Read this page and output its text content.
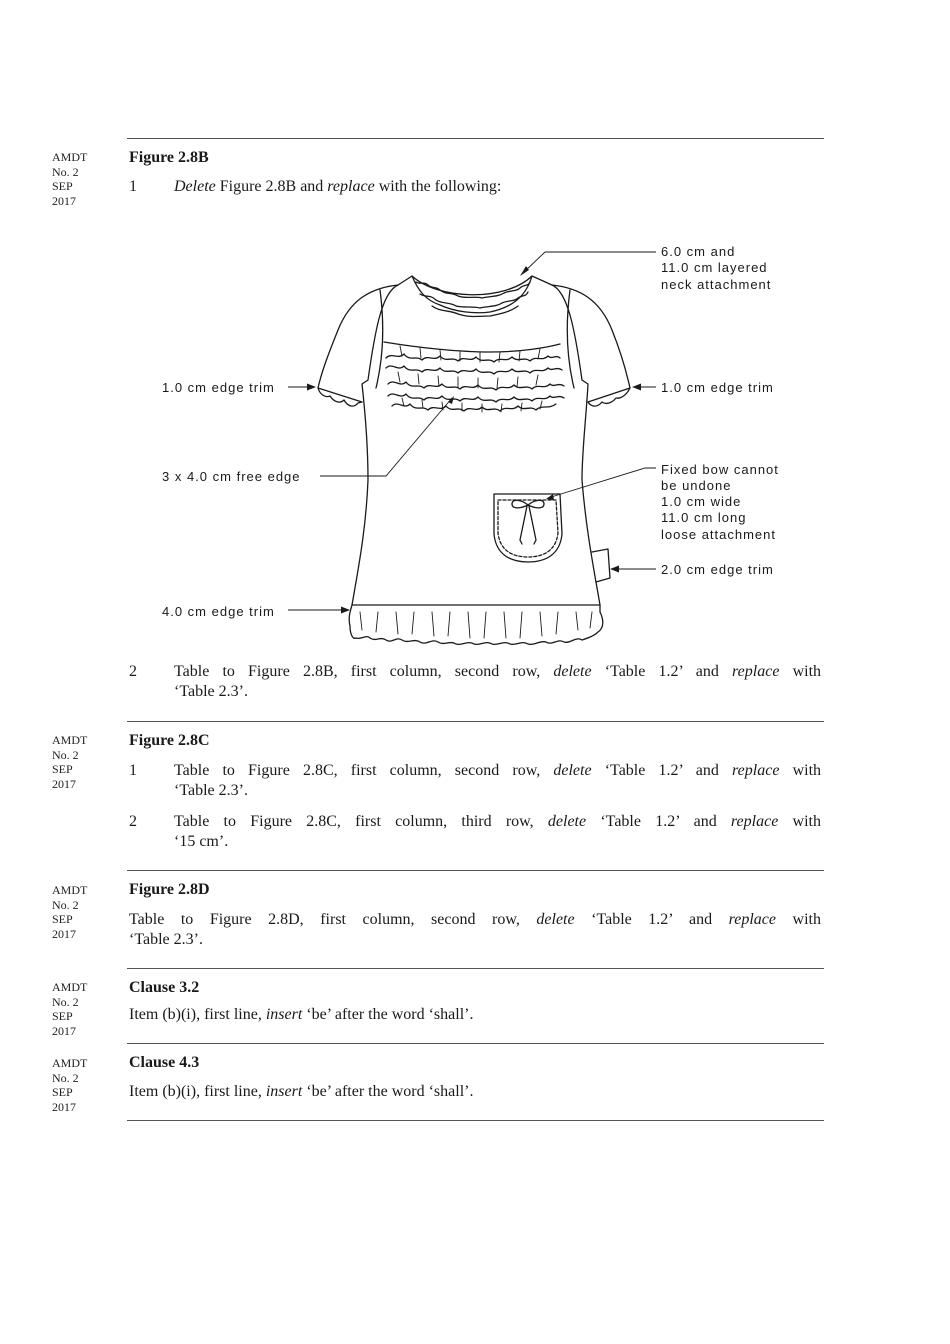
AMDT
No. 2
SEP
2017
Figure 2.8B
1	Delete Figure 2.8B and replace with the following:
6.0 cm and
11.0 cm layered
neck attachment
1.0 cm edge trim	1.0 cm edge trim
3 x 4.0 cm free edge	Fixed bow cannot
be undone
1.0 cm wide
11.0 cm long
loose attachment
2.0 cm edge trim
4.0 cm edge trim
2	Table to Figure 2.8B, first column, second row, delete ‘Table 1.2’ and replace with
‘Table 2.3’.
AMDT
No. 2
SEP
2017
Figure 2.8C
1	Table to Figure 2.8C, first column, second row, delete ‘Table 1.2’ and replace with
‘Table 2.3’.
2	Table to Figure 2.8C, first column, third row, delete ‘Table 1.2’ and replace with
‘15 cm’.
AMDT
No. 2
SEP
2017
Figure 2.8D
Table to Figure 2.8D, first column, second row, delete ‘Table 1.2’ and replace with
‘Table 2.3’.
AMDT
No. 2
SEP
2017
Clause 3.2
Item (b)(i), first line, insert ‘be’ after the word ‘shall’.
AMDT
No. 2
SEP
2017
Clause 4.3
Item (b)(i), first line, insert ‘be’ after the word ‘shall’.
